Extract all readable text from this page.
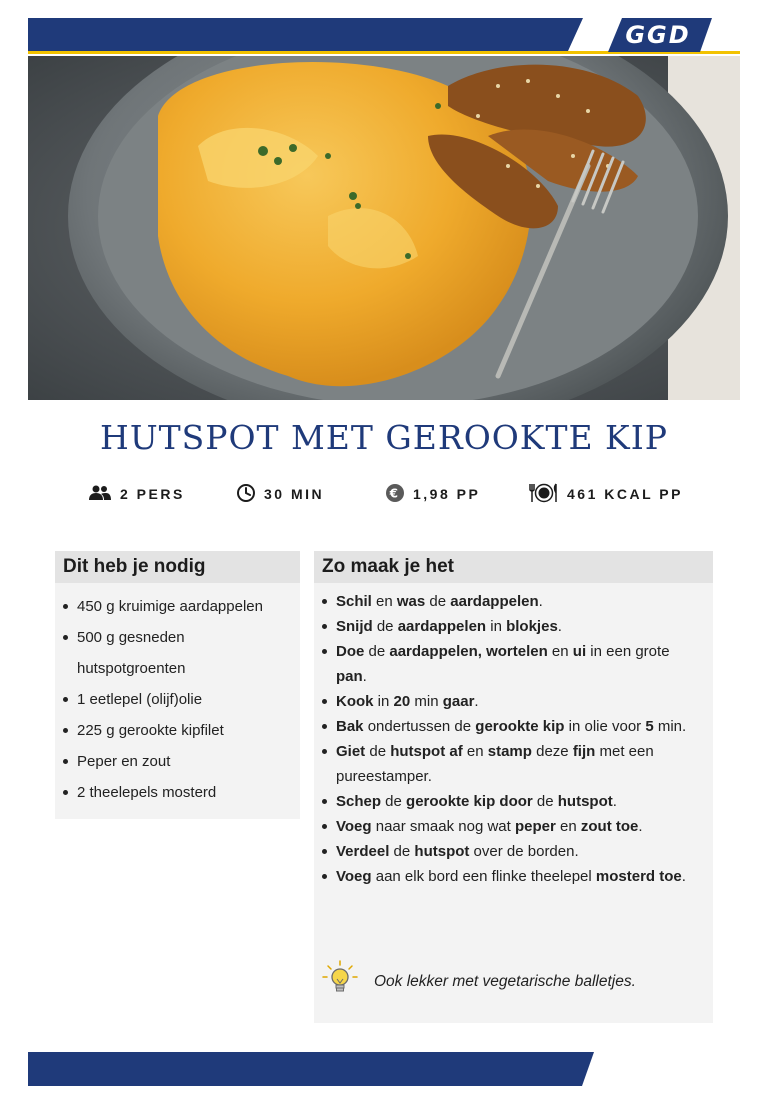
GGD
HUTSPOT MET GEROOKTE KIP
2 PERS	30 MIN	€ 1,98 PP	461 KCAL PP
Dit heb je nodig
450 g kruimige aardappelen
500 g gesneden
hutspotgroenten
1 eetlepel (olijf)olie
225 g gerookte kipfilet
Peper en zout
2 theelepels mosterd
Zo maak je het
Schil en was de aardappelen.
Snijd de aardappelen in blokjes.
Doe de aardappelen, wortelen en ui in een grote pan.
Kook in 20 min gaar.
Bak ondertussen de gerookte kip in olie voor 5 min.
Giet de hutspot af en stamp deze fijn met een pureestamper.
Schep de gerookte kip door de hutspot.
Voeg naar smaak nog wat peper en zout toe.
Verdeel de hutspot over de borden.
Voeg aan elk bord een flinke theelepel mosterd toe.
Ook lekker met vegetarische balletjes.
